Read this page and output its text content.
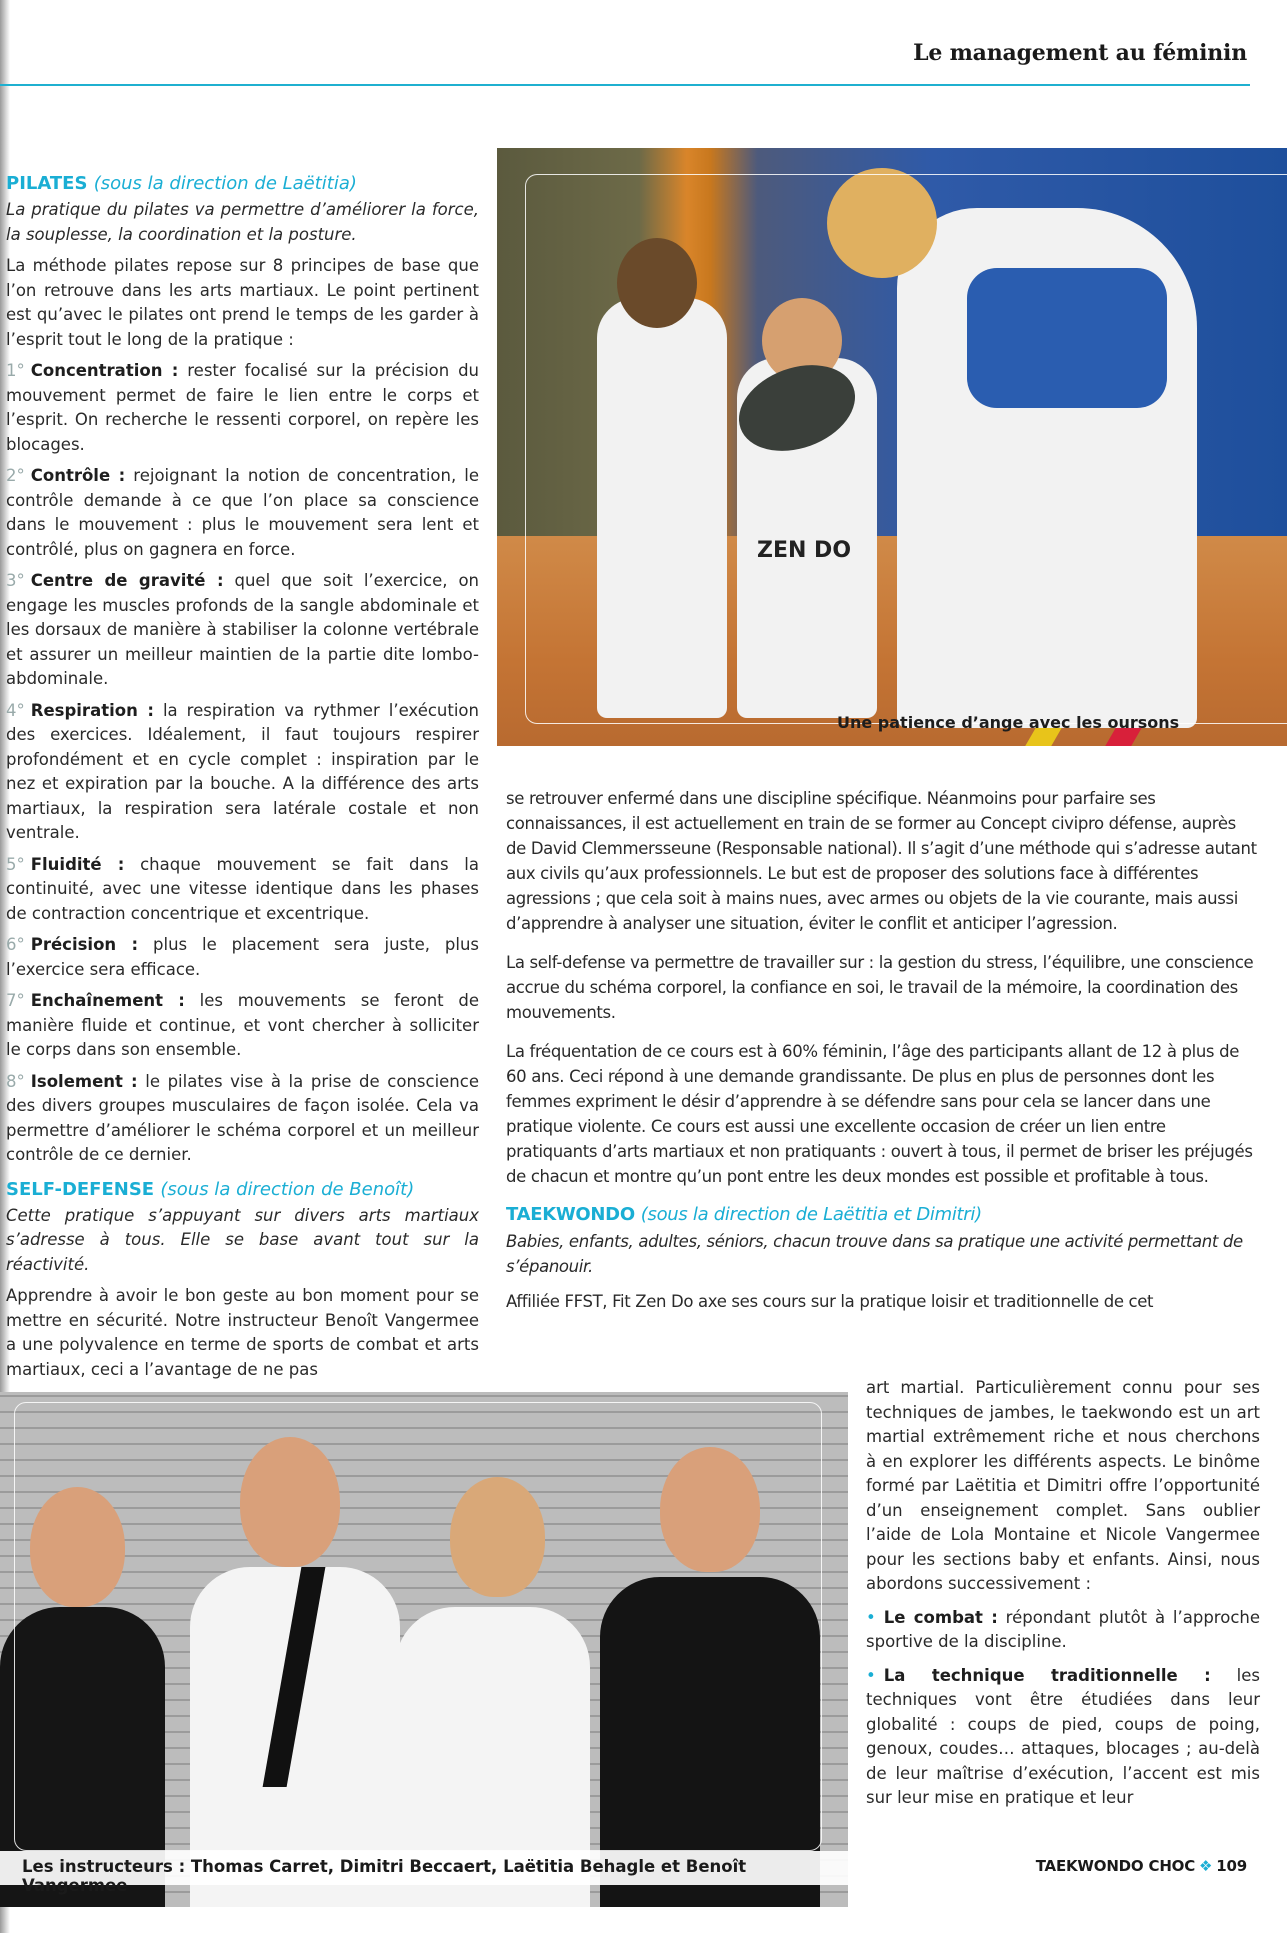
Le management au féminin
PILATES (sous la direction de Laëtitia)

La pratique du pilates va permettre d’améliorer la force, la souplesse, la coordination et la posture.

La méthode pilates repose sur 8 principes de base que l’on retrouve dans les arts martiaux. Le point pertinent est qu’avec le pilates ont prend le temps de les garder à l’esprit tout le long de la pratique :

1° Concentration : rester focalisé sur la précision du mouvement permet de faire le lien entre le corps et l’esprit. On recherche le ressenti corporel, on repère les blocages.

2° Contrôle : rejoignant la notion de concentration, le contrôle demande à ce que l’on place sa conscience dans le mouvement : plus le mouvement sera lent et contrôlé, plus on gagnera en force.

3° Centre de gravité : quel que soit l’exercice, on engage les muscles profonds de la sangle abdominale et les dorsaux de manière à stabiliser la colonne vertébrale et assurer un meilleur maintien de la partie dite lombo-abdominale.

4° Respiration : la respiration va rythmer l’exécution des exercices. Idéalement, il faut toujours respirer profondément et en cycle complet : inspiration par le nez et expiration par la bouche. A la différence des arts martiaux, la respiration sera latérale costale et non ventrale.

5° Fluidité : chaque mouvement se fait dans la continuité, avec une vitesse identique dans les phases de contraction concentrique et excentrique.

6° Précision : plus le placement sera juste, plus l’exercice sera efficace.

7° Enchaînement : les mouvements se feront de manière fluide et continue, et vont chercher à solliciter le corps dans son ensemble.

8° Isolement : le pilates vise à la prise de conscience des divers groupes musculaires de façon isolée. Cela va permettre d’améliorer le schéma corporel et un meilleur contrôle de ce dernier.

SELF-DEFENSE (sous la direction de Benoît)

Cette pratique s’appuyant sur divers arts martiaux s’adresse à tous. Elle se base avant tout sur la réactivité.

Apprendre à avoir le bon geste au bon moment pour se mettre en sécurité. Notre instructeur Benoît Vangermee a une polyvalence en terme de sports de combat et arts martiaux, ceci a l’avantage de ne pas

ZEN DO
Une patience d’ange avec les oursons

se retrouver enfermé dans une discipline spécifique. Néanmoins pour parfaire ses connaissances, il est actuellement en train de se former au Concept civipro défense, auprès de David Clemmersseune (Responsable national). Il s’agit d’une méthode qui s’adresse autant aux civils qu’aux professionnels. Le but est de proposer des solutions face à différentes agressions ; que cela soit à mains nues, avec armes ou objets de la vie courante, mais aussi d’apprendre à analyser une situation, éviter le conflit et anticiper l’agression.

La self-defense va permettre de travailler sur : la gestion du stress, l’équilibre, une conscience accrue du schéma corporel, la confiance en soi, le travail de la mémoire, la coordination des mouvements.

La fréquentation de ce cours est à 60% féminin, l’âge des participants allant de 12 à plus de 60 ans. Ceci répond à une demande grandissante. De plus en plus de personnes dont les femmes expriment le désir d’apprendre à se défendre sans pour cela se lancer dans une pratique violente. Ce cours est aussi une excellente occasion de créer un lien entre pratiquants d’arts martiaux et non pratiquants : ouvert à tous, il permet de briser les préjugés de chacun et montre qu’un pont entre les deux mondes est possible et profitable à tous.

TAEKWONDO (sous la direction de Laëtitia et Dimitri)

Babies, enfants, adultes, séniors, chacun trouve dans sa pratique une activité permettant de s’épanouir.

Affiliée FFST, Fit Zen Do axe ses cours sur la pratique loisir et traditionnelle de cet

Les instructeurs : Thomas Carret, Dimitri Beccaert, Laëtitia Behagle et Benoît Vangermee

art martial. Particulièrement connu pour ses techniques de jambes, le taekwondo est un art martial extrêmement riche et nous cherchons à en explorer les différents aspects. Le binôme formé par Laëtitia et Dimitri offre l’opportunité d’un enseignement complet. Sans oublier l’aide de Lola Montaine et Nicole Vangermee pour les sections baby et enfants. Ainsi, nous abordons successivement :

• Le combat : répondant plutôt à l’approche sportive de la discipline.

• La technique traditionnelle : les techniques vont être étudiées dans leur globalité : coups de pied, coups de poing, genoux, coudes… attaques, blocages ; au-delà de leur maîtrise d’exécution, l’accent est mis sur leur mise en pratique et leur

TAEKWONDO CHOC ❖ 109
